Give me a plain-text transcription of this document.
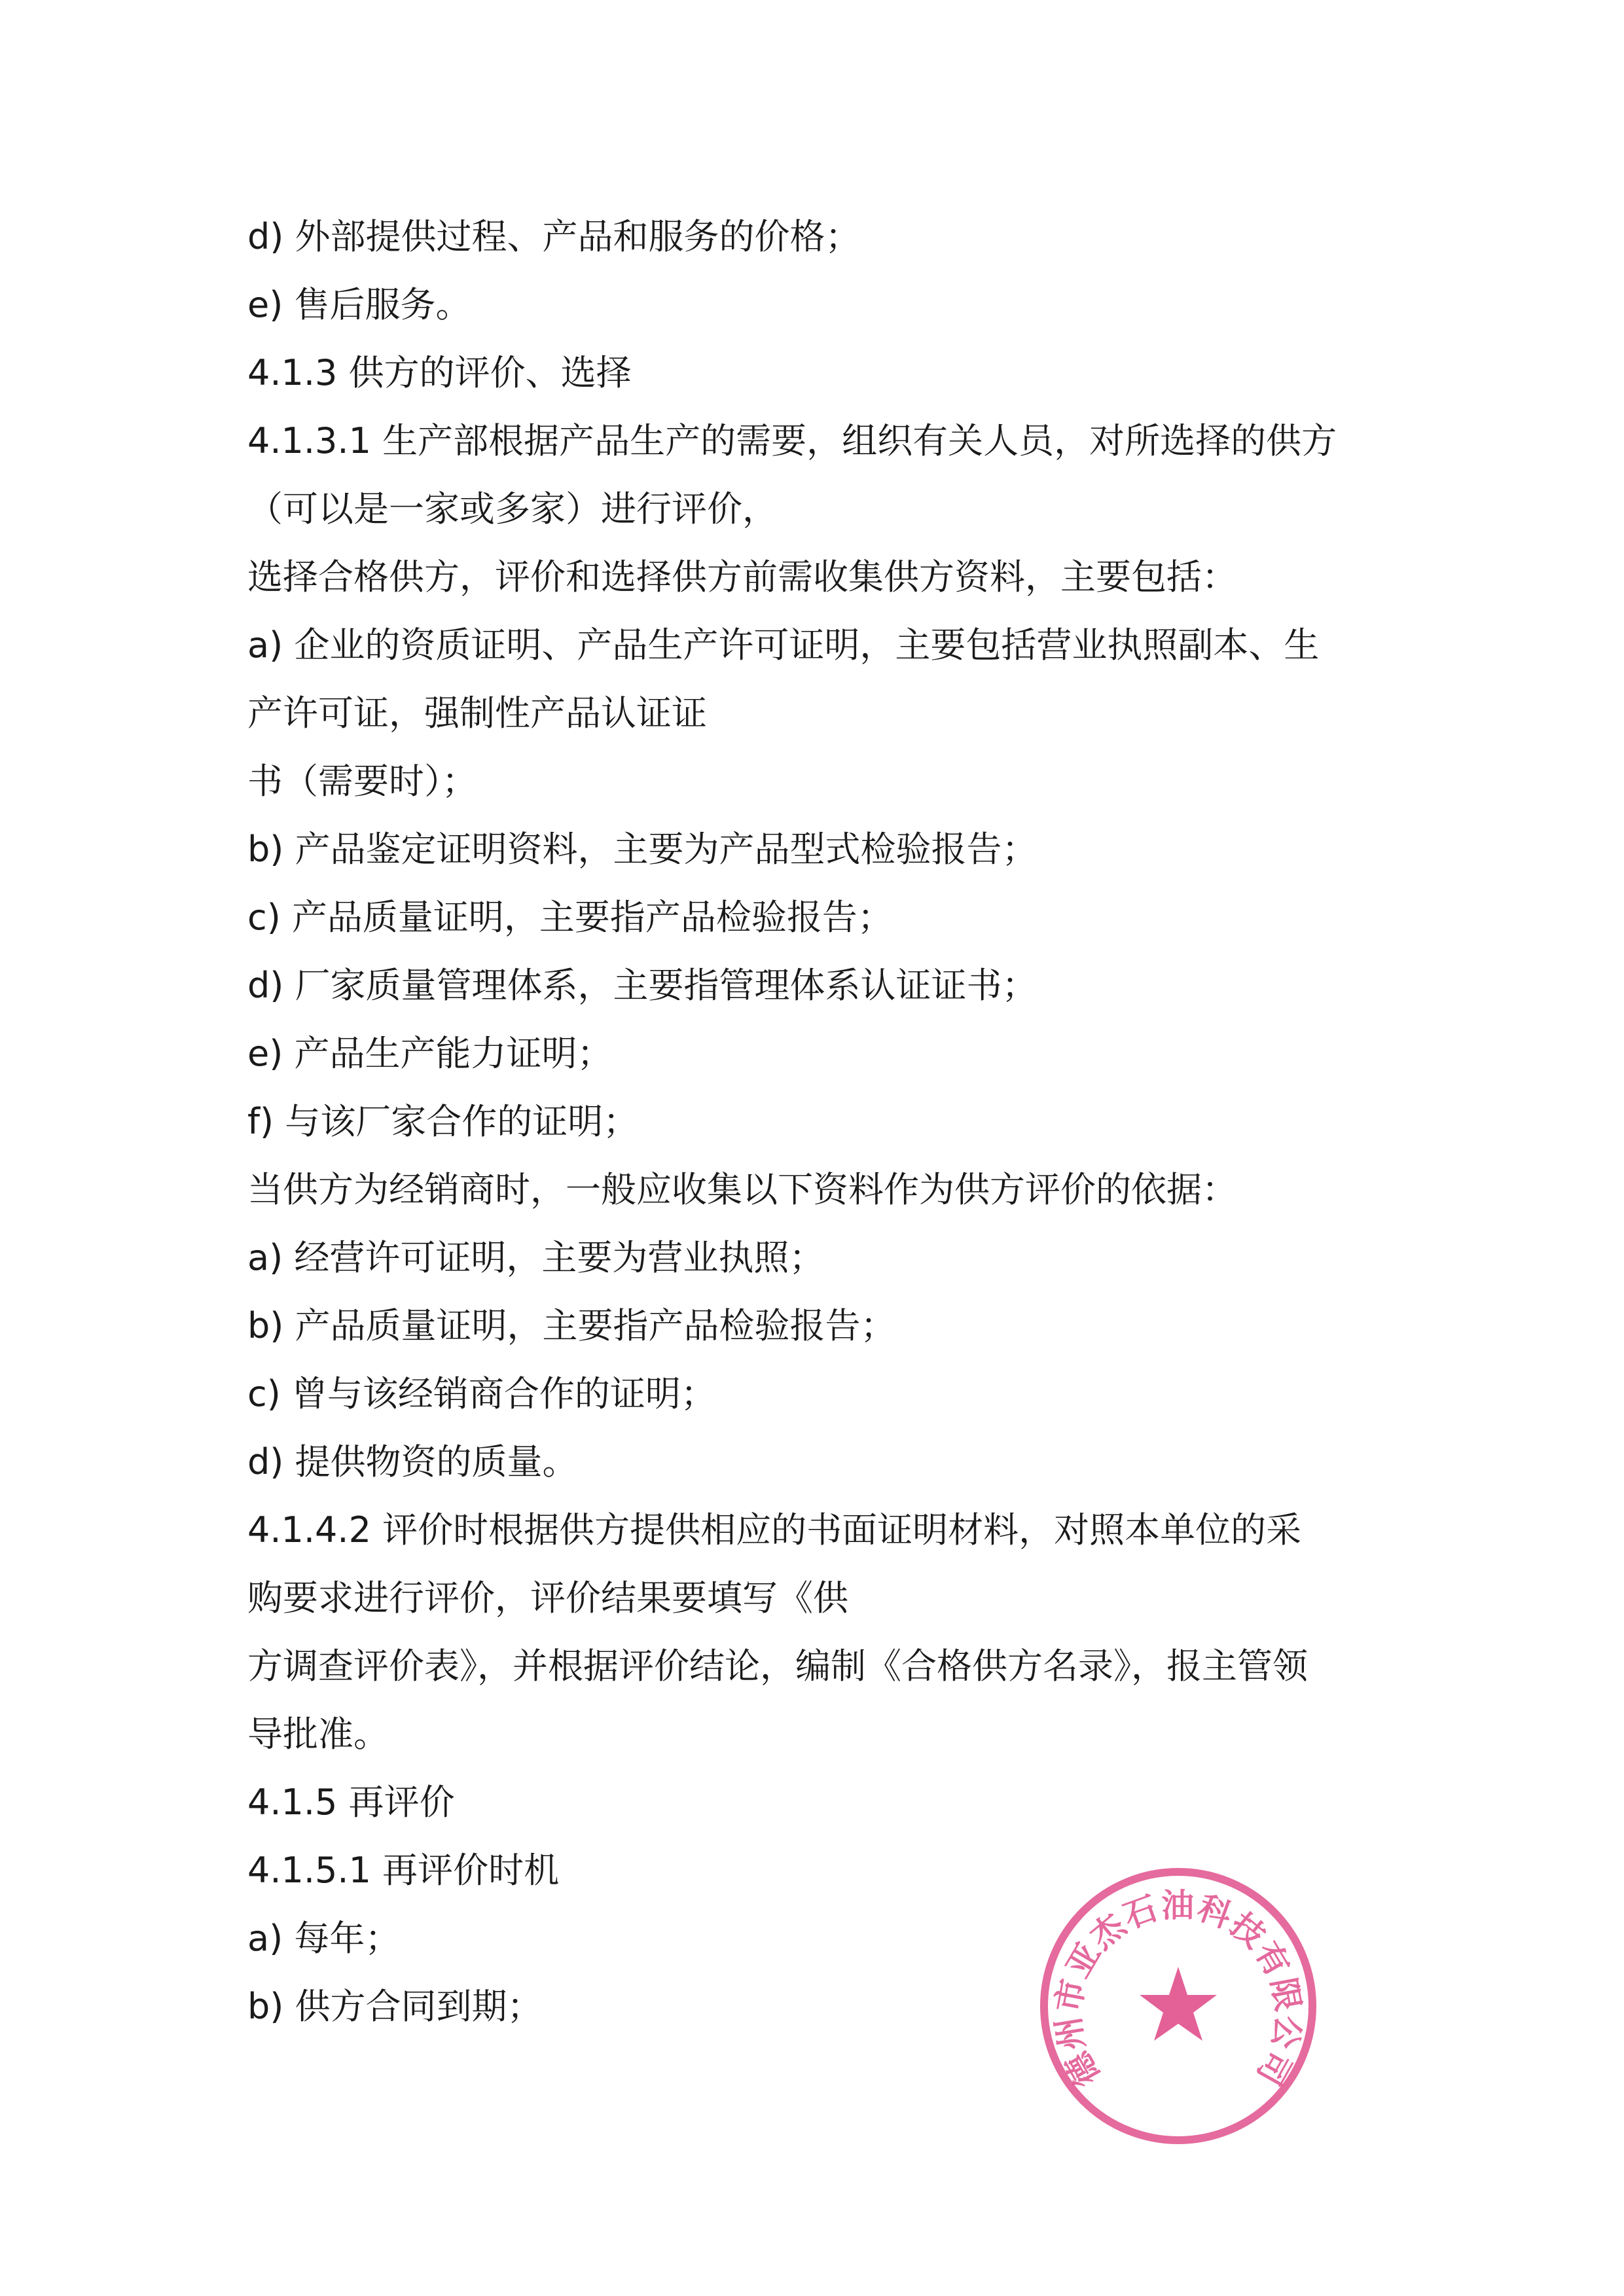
d) 外部提供过程、产品和服务的价格；
e) 售后服务。
4.1.3 供方的评价、选择
4.1.3.1 生产部根据产品生产的需要，组织有关人员，对所选择的供方
（可以是一家或多家）进行评价，
选择合格供方，评价和选择供方前需收集供方资料，主要包括：
a) 企业的资质证明、产品生产许可证明，主要包括营业执照副本、生
产许可证，强制性产品认证证
书（需要时）；
b) 产品鉴定证明资料，主要为产品型式检验报告；
c) 产品质量证明，主要指产品检验报告；
d) 厂家质量管理体系，主要指管理体系认证证书；
e) 产品生产能力证明；
f) 与该厂家合作的证明；
当供方为经销商时，一般应收集以下资料作为供方评价的依据：
a) 经营许可证明，主要为营业执照；
b) 产品质量证明，主要指产品检验报告；
c) 曾与该经销商合作的证明；
d) 提供物资的质量。
4.1.4.2 评价时根据供方提供相应的书面证明材料，对照本单位的采
购要求进行评价，评价结果要填写《供
方调查评价表》，并根据评价结论，编制《合格供方名录》，报主管领
导批准。
4.1.5 再评价
4.1.5.1 再评价时机
a) 每年；
b) 供方合同到期；
德州市亚杰石油科技有限公司
